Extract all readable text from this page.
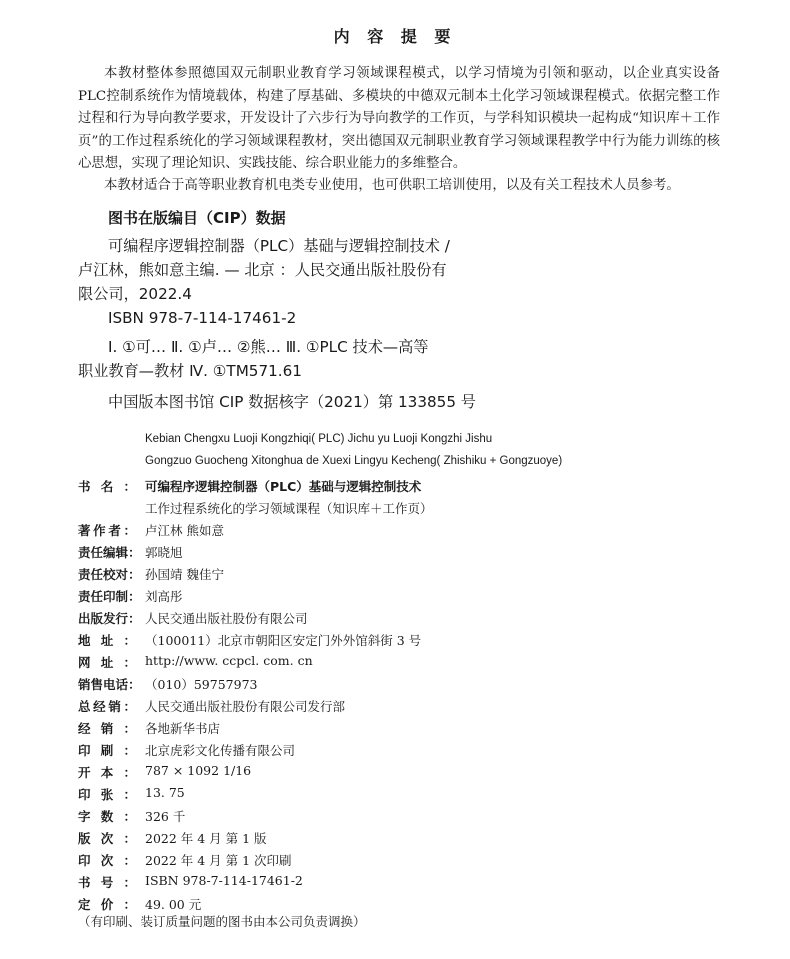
内 容 提 要
本教材整体参照德国双元制职业教育学习领域课程模式，以学习情境为引领和驱动，以企业真实设备PLC控制系统作为情境载体，构建了厚基础、多模块的中德双元制本土化学习领域课程模式。依据完整工作过程和行为导向教学要求，开发设计了六步行为导向教学的工作页，与学科知识模块一起构成“知识库＋工作页”的工作过程系统化的学习领域课程教材，突出德国双元制职业教育学习领域课程教学中行为能力训练的核心思想，实现了理论知识、实践技能、综合职业能力的多维整合。
本教材适合于高等职业教育机电类专业使用，也可供职工培训使用，以及有关工程技术人员参考。
图书在版编目（CIP）数据
可编程序逻辑控制器（PLC）基础与逻辑控制技术 /
卢江林，熊如意主编. — 北京 ：人民交通出版社股份有
限公司，2022.4
ISBN 978-7-114-17461-2
Ⅰ. ①可… Ⅱ. ①卢… ②熊… Ⅲ. ①PLC 技术—高等
职业教育—教材 Ⅳ. ①TM571.61
中国版本图书馆 CIP 数据核字（2021）第 133855 号
Kebian Chengxu Luoji Kongzhiqi( PLC) Jichu yu Luoji Kongzhi Jishu
Gongzuo Guocheng Xitonghua de Xuexi Lingyu Kecheng( Zhishiku + Gongzuoye)
书 名 ： 可编程序逻辑控制器（PLC）基础与逻辑控制技术
工作过程系统化的学习领域课程（知识库＋工作页）
著 作 者 ： 卢江林 熊如意
责 任 编 辑 ： 郭晓旭
责 任 校 对 ： 孙国靖 魏佳宁
责 任 印 制 ： 刘高彤
出 版 发 行 ： 人民交通出版社股份有限公司
地 址 ： （100011）北京市朝阳区安定门外外馆斜街 3 号
网 址 ： http://www. ccpcl. com. cn
销 售 电 话 ： （010）59757973
总 经 销 ： 人民交通出版社股份有限公司发行部
经 销 ： 各地新华书店
印 刷 ： 北京虎彩文化传播有限公司
开 本 ： 787 × 1092 1/16
印 张 ： 13. 75
字 数 ： 326 千
版 次 ： 2022 年 4 月 第 1 版
印 次 ： 2022 年 4 月 第 1 次印刷
书 号 ： ISBN 978-7-114-17461-2
定 价 ： 49. 00 元
（有印刷、装订质量问题的图书由本公司负责调换）
